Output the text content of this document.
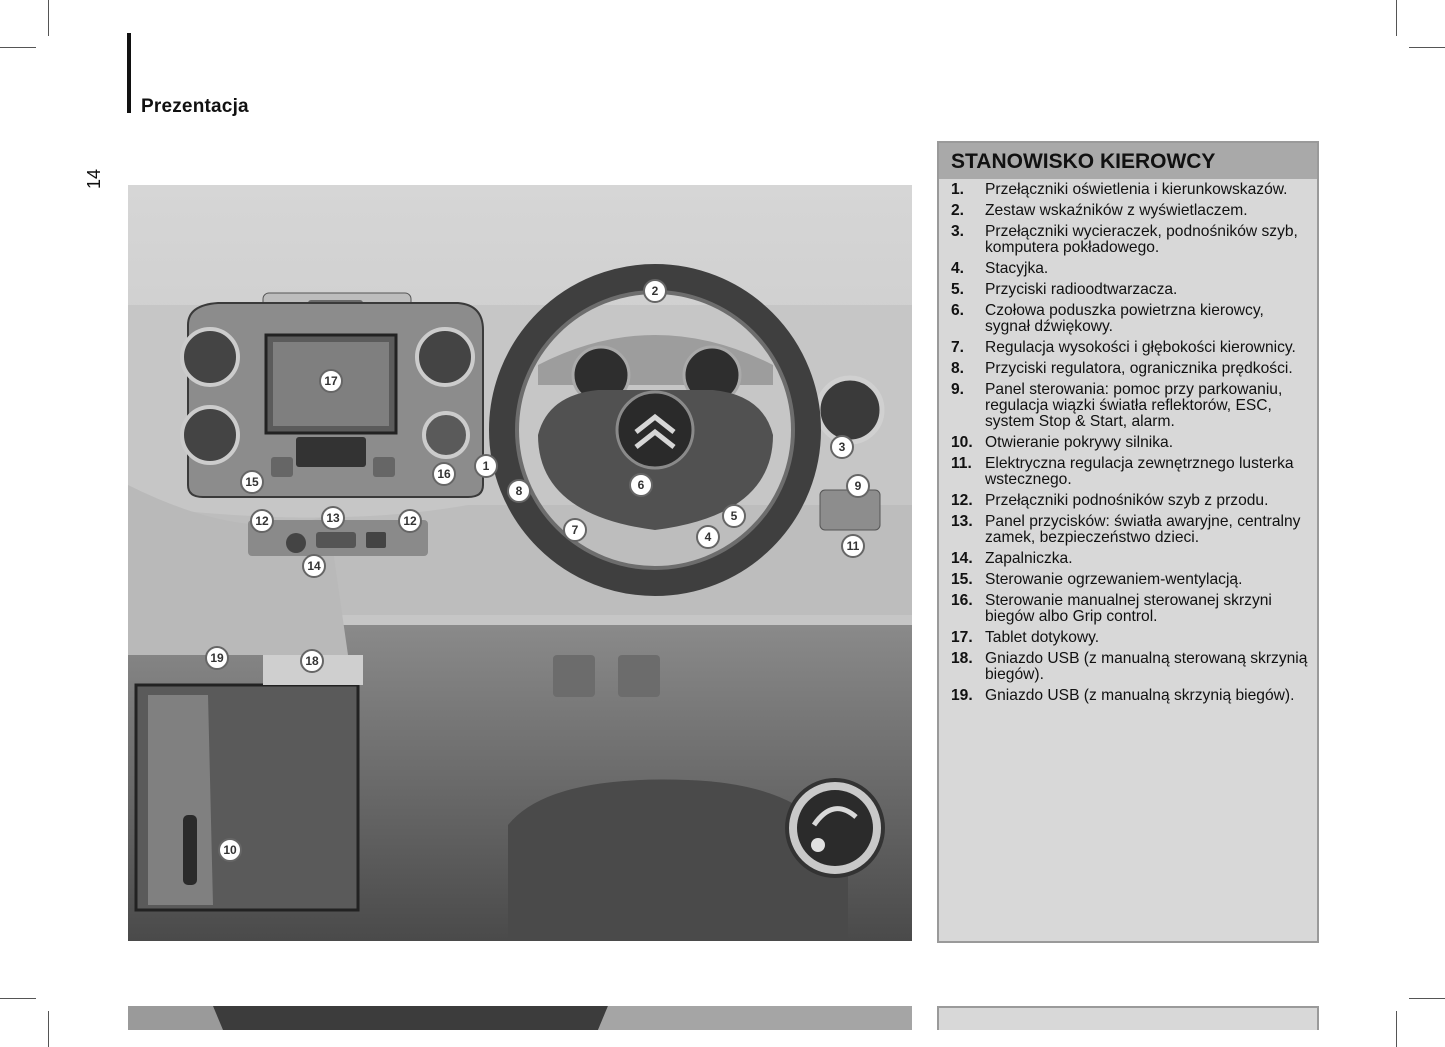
Prezentacja
14
1
2
3
4
5
6
7
8	9
10
11
12	12
13
14
15
16
17
18
19
STANOWISKO KIEROWCY
1.	Przełączniki oświetlenia i kierunkowskazów.
2.	Zestaw wskaźników z wyświetlaczem.
3.	Przełączniki wycieraczek, podnośników szyb, komputera pokładowego.
4.	Stacyjka.
5.	Przyciski radioodtwarzacza.
6.	Czołowa poduszka powietrzna kierowcy, sygnał dźwiękowy.
7.	Regulacja wysokości i głębokości kierownicy.
8.	Przyciski regulatora, ogranicznika prędkości.
9.	Panel sterowania: pomoc przy parkowaniu, regulacja wiązki światła reflektorów, ESC, system Stop & Start, alarm.
10. Otwieranie pokrywy silnika.
11. Elektryczna regulacja zewnętrznego lusterka wstecznego.
12. Przełączniki podnośników szyb z przodu.
13. Panel przycisków: światła awaryjne, centralny zamek, bezpieczeństwo dzieci.
14. Zapalniczka.
15. Sterowanie ogrzewaniem-wentylacją.
16. Sterowanie manualnej sterowanej skrzyni biegów albo Grip control.
17. Tablet dotykowy.
18. Gniazdo USB (z manualną sterowaną skrzynią biegów).
19. Gniazdo USB (z manualną skrzynią biegów).
